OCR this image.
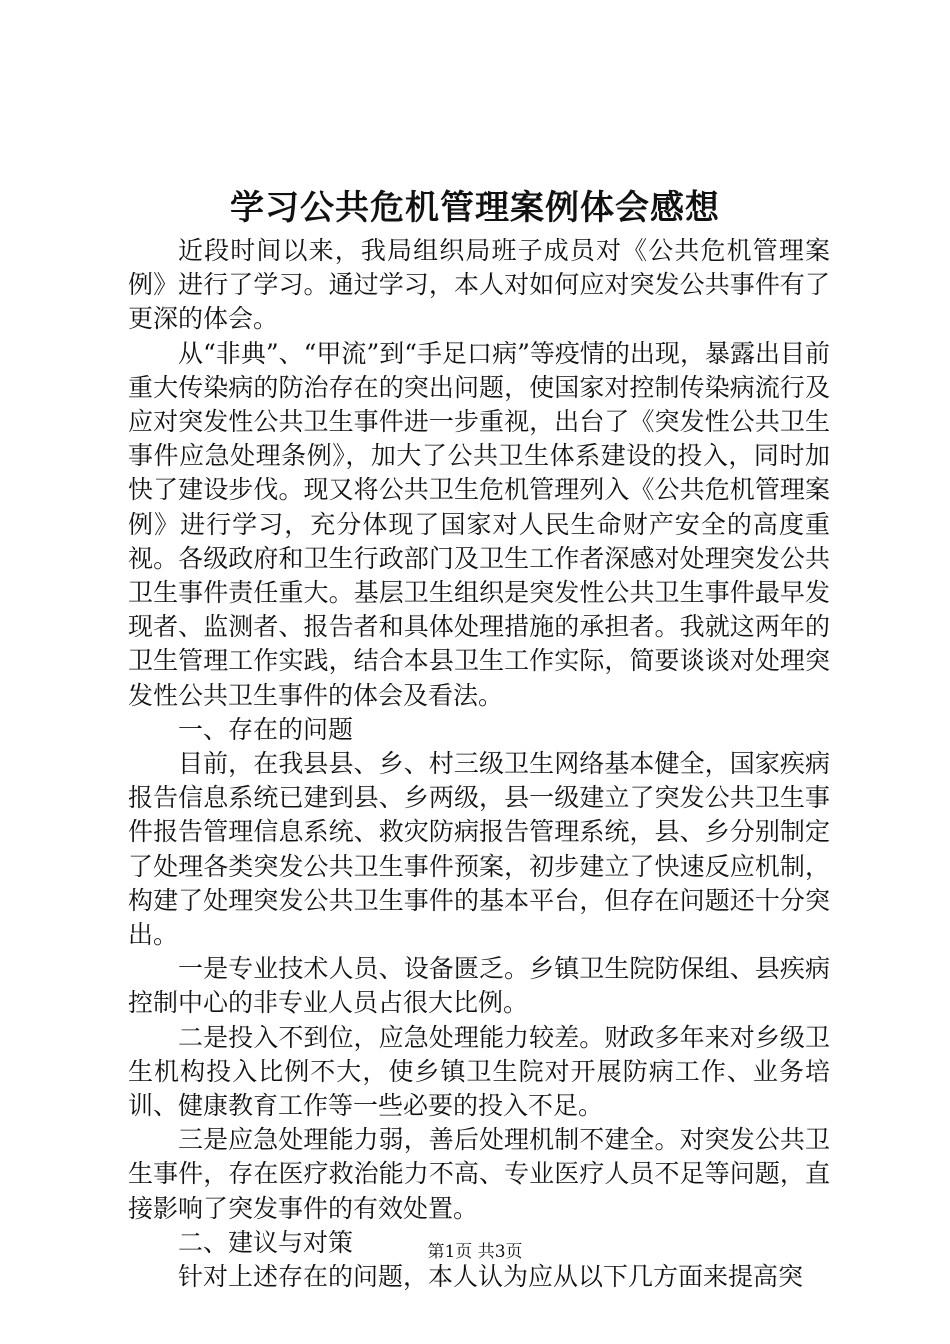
学习公共危机管理案例体会感想

近段时间以来，我局组织局班子成员对《公共危机管理案例》进行了学习。通过学习，本人对如何应对突发公共事件有了更深的体会。

从“非典”、“甲流”到“手足口病”等疫情的出现，暴露出目前重大传染病的防治存在的突出问题，使国家对控制传染病流行及应对突发性公共卫生事件进一步重视，出台了《突发性公共卫生事件应急处理条例》，加大了公共卫生体系建设的投入，同时加快了建设步伐。现又将公共卫生危机管理列入《公共危机管理案例》进行学习，充分体现了国家对人民生命财产安全的高度重视。各级政府和卫生行政部门及卫生工作者深感对处理突发公共卫生事件责任重大。基层卫生组织是突发性公共卫生事件最早发现者、监测者、报告者和具体处理措施的承担者。我就这两年的卫生管理工作实践，结合本县卫生工作实际，简要谈谈对处理突发性公共卫生事件的体会及看法。

一、存在的问题

目前，在我县县、乡、村三级卫生网络基本健全，国家疾病报告信息系统已建到县、乡两级，县一级建立了突发公共卫生事件报告管理信息系统、救灾防病报告管理系统，县、乡分别制定了处理各类突发公共卫生事件预案，初步建立了快速反应机制，构建了处理突发公共卫生事件的基本平台，但存在问题还十分突出。

一是专业技术人员、设备匮乏。乡镇卫生院防保组、县疾病控制中心的非专业人员占很大比例。

二是投入不到位，应急处理能力较差。财政多年来对乡级卫生机构投入比例不大，使乡镇卫生院对开展防病工作、业务培训、健康教育工作等一些必要的投入不足。

三是应急处理能力弱，善后处理机制不建全。对突发公共卫生事件，存在医疗救治能力不高、专业医疗人员不足等问题，直接影响了突发事件的有效处置。

二、建议与对策

针对上述存在的问题，本人认为应从以下几方面来提高突

第1页 共3页
